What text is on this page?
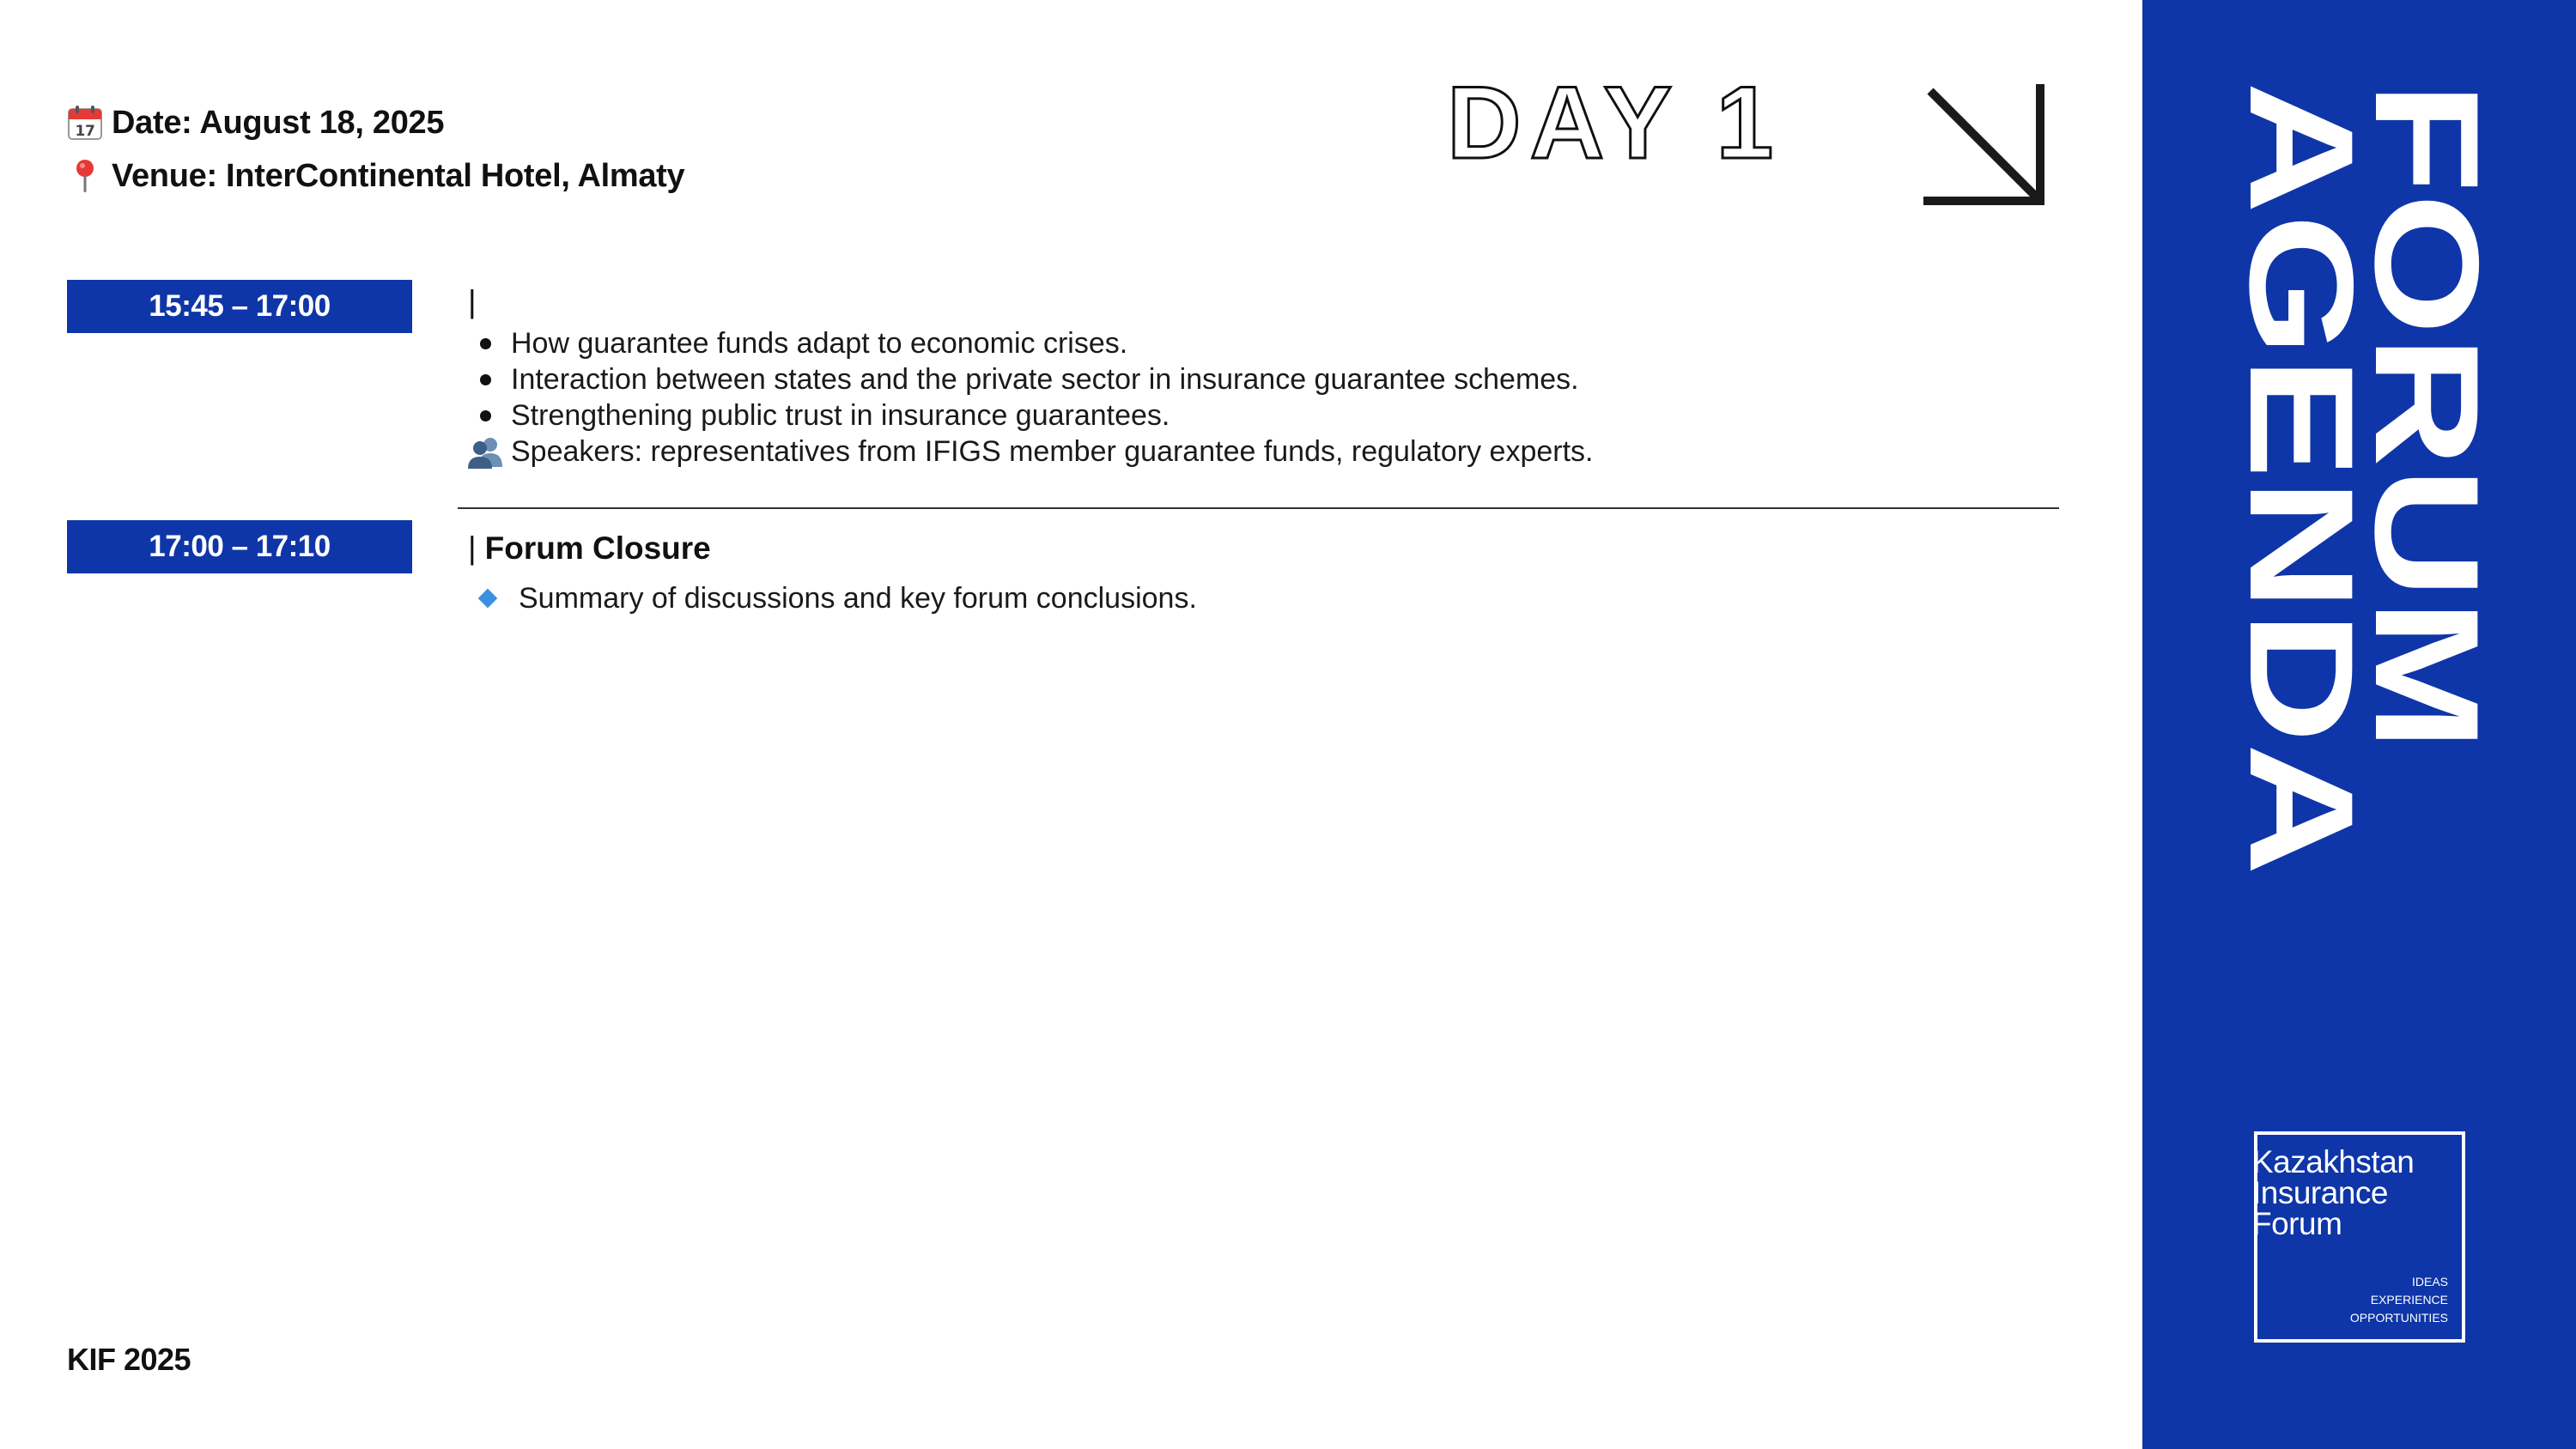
17 Date: August 18, 2025
Venue: InterContinental Hotel, Almaty	DAY 1
15:45 – 17:00	|
How guarantee funds adapt to economic crises.
Interaction between states and the private sector in insurance guarantee schemes.
Strengthening public trust in insurance guarantees.
Speakers: representatives from IFIGS member guarantee funds, regulatory experts.
17:00 – 17:10	| Forum Closure
Summary of discussions and key forum conclusions.
KIF 2025
FORUM
AGENDA
Kazakhstan
Insurance
Forum
IDEAS
EXPERIENCE
OPPORTUNITIES
